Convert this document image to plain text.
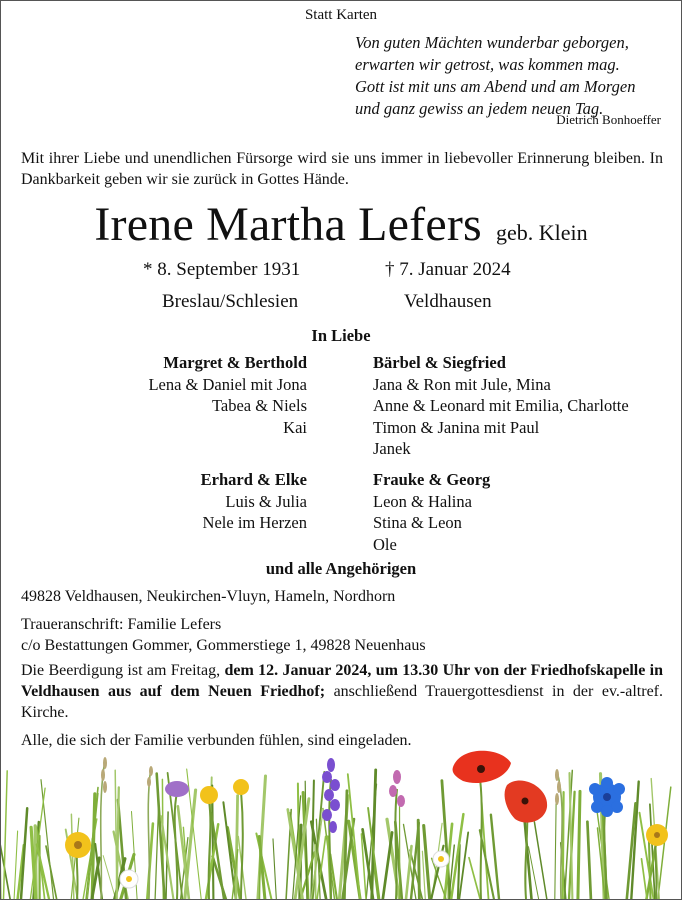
Statt Karten
Von guten Mächten wunderbar geborgen,
erwarten wir getrost, was kommen mag.
Gott ist mit uns am Abend und am Morgen
und ganz gewiss an jedem neuen Tag.
Dietrich Bonhoeffer
Mit ihrer Liebe und unendlichen Fürsorge wird sie uns immer in liebevoller Erinnerung bleiben. In Dankbarkeit geben wir sie zurück in Gottes Hände.
Irene Martha Lefers geb. Klein
* 8. September 1931	† 7. Januar 2024
Breslau/Schlesien	Veldhausen
In Liebe
Margret & Berthold
Lena & Daniel mit Jona
Tabea & Niels
Kai
Bärbel & Siegfried
Jana & Ron mit Jule, Mina
Anne & Leonard mit Emilia, Charlotte
Timon & Janina mit Paul
Janek
Erhard & Elke
Luis & Julia
Nele im Herzen
Frauke & Georg
Leon & Halina
Stina & Leon
Ole
und alle Angehörigen
49828 Veldhausen, Neukirchen-Vluyn, Hameln, Nordhorn
Traueranschrift: Familie Lefers
c/o Bestattungen Gommer, Gommerstiege 1, 49828 Neuenhaus
Die Beerdigung ist am Freitag, dem 12. Januar 2024, um 13.30 Uhr von der Friedhofskapelle in Veldhausen aus auf dem Neuen Friedhof; anschließend Trauergottesdienst in der ev.-altref. Kirche.
Alle, die sich der Familie verbunden fühlen, sind eingeladen.
